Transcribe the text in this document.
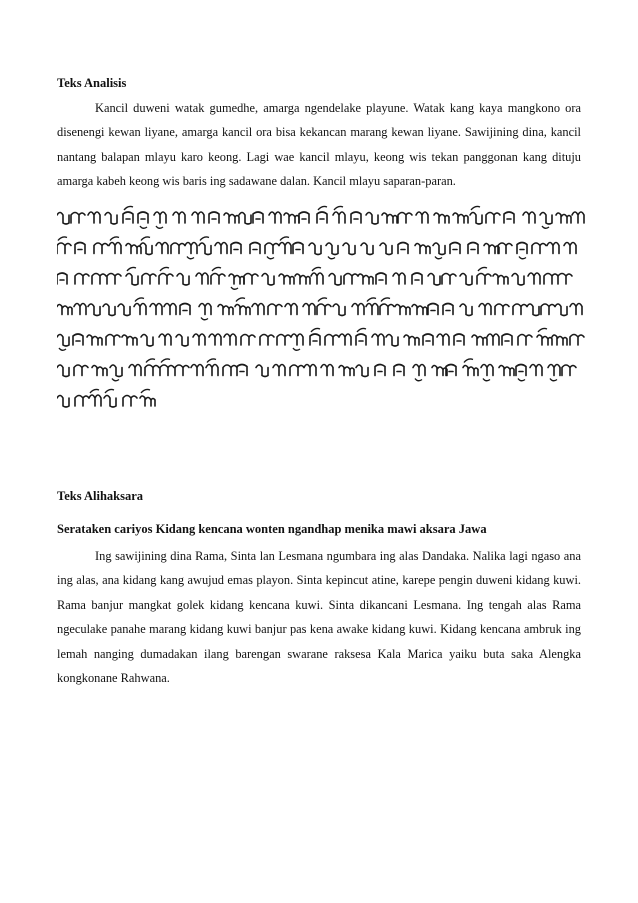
Teks Analisis

Kancil duweni watak gumedhe, amarga ngendelake playune. Watak kang kaya mangkono ora disenengi kewan liyane, amarga kancil ora bisa kekancan marang kewan liyane. Sawijining dina, kancil nantang balapan mlayu karo keong. Lagi wae kancil mlayu, keong wis tekan panggonan kang dituju amarga kabeh keong wis baris ing sadawane dalan. Kancil mlayu saparan-paran.

Teks Alihaksara
Serataken cariyos Kidang kencana wonten ngandhap menika mawi aksara Jawa

Ing sawijining dina Rama, Sinta lan Lesmana ngumbara ing alas Dandaka. Nalika lagi ngaso ana ing alas, ana kidang kang awujud emas playon. Sinta kepincut atine, karepe pengin duweni kidang kuwi. Rama banjur mangkat golek kidang kencana kuwi. Sinta dikancani Lesmana. Ing tengah alas Rama ngeculake panahe marang kidang kuwi banjur pas kena awake kidang kuwi. Kidang kencana ambruk ing lemah nanging dumadakan ilang barengan swarane raksesa Kala Marica yaiku buta saka Alengka kongkonane Rahwana.
